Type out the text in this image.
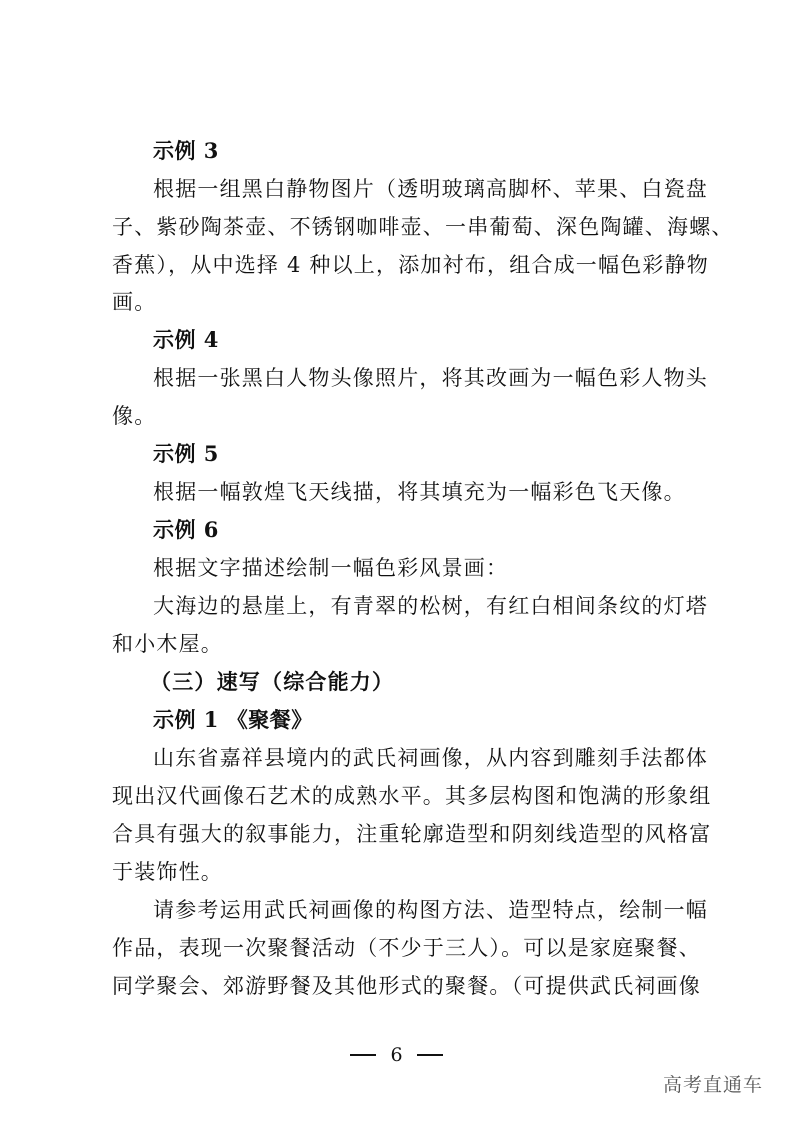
示例 3
根据一组黑白静物图片（透明玻璃高脚杯、苹果、白瓷盘
子、紫砂陶茶壶、不锈钢咖啡壶、一串葡萄、深色陶罐、海螺、
香蕉），从中选择 4 种以上，添加衬布，组合成一幅色彩静物
画。
示例 4
根据一张黑白人物头像照片，将其改画为一幅色彩人物头
像。
示例 5
根据一幅敦煌飞天线描，将其填充为一幅彩色飞天像。
示例 6
根据文字描述绘制一幅色彩风景画：
大海边的悬崖上，有青翠的松树，有红白相间条纹的灯塔
和小木屋。
（三）速写（综合能力）
示例 1 《聚餐》
山东省嘉祥县境内的武氏祠画像，从内容到雕刻手法都体
现出汉代画像石艺术的成熟水平。其多层构图和饱满的形象组
合具有强大的叙事能力，注重轮廓造型和阴刻线造型的风格富
于装饰性。
请参考运用武氏祠画像的构图方法、造型特点，绘制一幅
作品，表现一次聚餐活动（不少于三人）。可以是家庭聚餐、
同学聚会、郊游野餐及其他形式的聚餐。（可提供武氏祠画像
6
高考直通车
